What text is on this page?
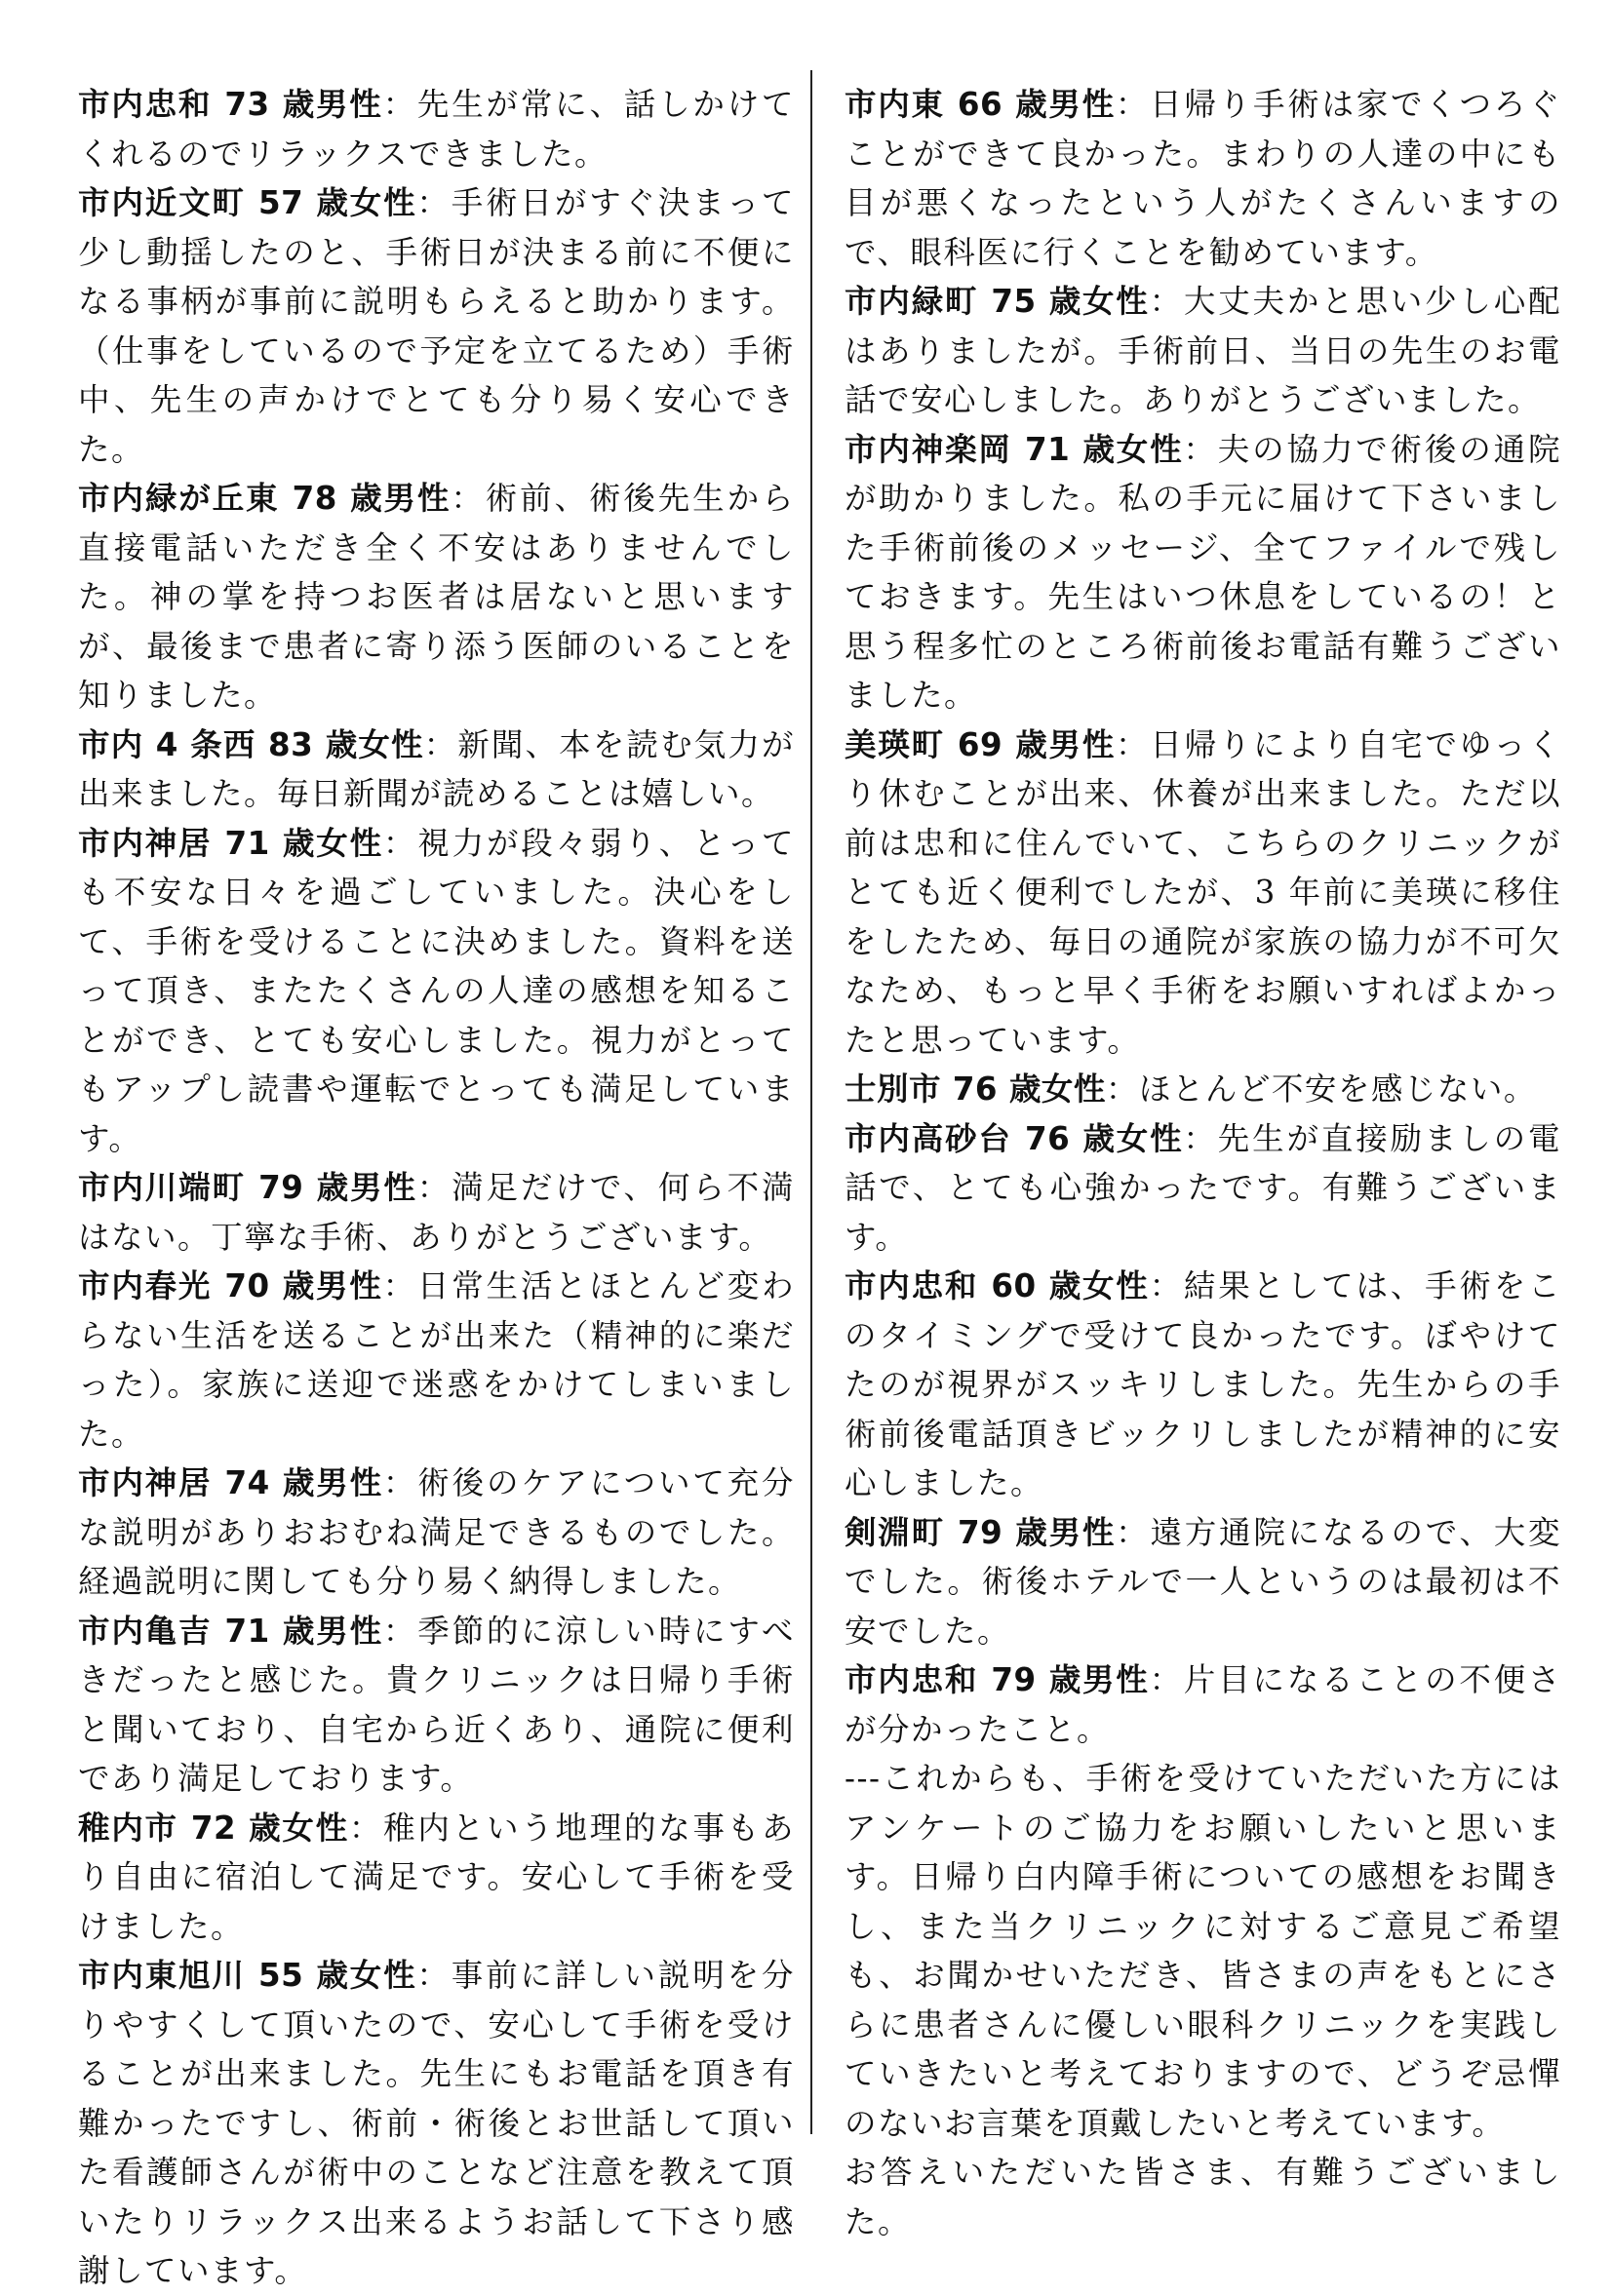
市内忠和 73 歳男性：先生が常に、話しかけてくれるのでリラックスできました。

市内近文町 57 歳女性：手術日がすぐ決まって少し動揺したのと、手術日が決まる前に不便になる事柄が事前に説明もらえると助かります。（仕事をしているので予定を立てるため）手術中、先生の声かけでとても分り易く安心できた。

市内緑が丘東 78 歳男性：術前、術後先生から直接電話いただき全く不安はありませんでした。神の掌を持つお医者は居ないと思いますが、最後まで患者に寄り添う医師のいることを知りました。

市内 4 条西 83 歳女性：新聞、本を読む気力が出来ました。毎日新聞が読めることは嬉しい。

市内神居 71 歳女性：視力が段々弱り、とっても不安な日々を過ごしていました。決心をして、手術を受けることに決めました。資料を送って頂き、またたくさんの人達の感想を知ることができ、とても安心しました。視力がとってもアップし読書や運転でとっても満足しています。

市内川端町 79 歳男性：満足だけで、何ら不満はない。丁寧な手術、ありがとうございます。

市内春光 70 歳男性：日常生活とほとんど変わらない生活を送ることが出来た（精神的に楽だった）。家族に送迎で迷惑をかけてしまいました。

市内神居 74 歳男性：術後のケアについて充分な説明がありおおむね満足できるものでした。経過説明に関しても分り易く納得しました。

市内亀吉 71 歳男性：季節的に涼しい時にすべきだったと感じた。貴クリニックは日帰り手術と聞いており、自宅から近くあり、通院に便利であり満足しております。

稚内市 72 歳女性：稚内という地理的な事もあり自由に宿泊して満足です。安心して手術を受けました。

市内東旭川 55 歳女性：事前に詳しい説明を分りやすくして頂いたので、安心して手術を受けることが出来ました。先生にもお電話を頂き有難かったですし、術前・術後とお世話して頂いた看護師さんが術中のことなど注意を教えて頂いたりリラックス出来るようお話して下さり感謝しています。

市内東 66 歳男性：日帰り手術は家でくつろぐことができて良かった。まわりの人達の中にも目が悪くなったという人がたくさんいますので、眼科医に行くことを勧めています。

市内緑町 75 歳女性：大丈夫かと思い少し心配はありましたが。手術前日、当日の先生のお電話で安心しました。ありがとうございました。

市内神楽岡 71 歳女性：夫の協力で術後の通院が助かりました。私の手元に届けて下さいました手術前後のメッセージ、全てファイルで残しておきます。先生はいつ休息をしているの！と思う程多忙のところ術前後お電話有難うございました。

美瑛町 69 歳男性：日帰りにより自宅でゆっくり休むことが出来、休養が出来ました。ただ以前は忠和に住んでいて、こちらのクリニックがとても近く便利でしたが、3 年前に美瑛に移住をしたため、毎日の通院が家族の協力が不可欠なため、もっと早く手術をお願いすればよかったと思っています。

士別市 76 歳女性：ほとんど不安を感じない。

市内高砂台 76 歳女性：先生が直接励ましの電話で、とても心強かったです。有難うございます。

市内忠和 60 歳女性：結果としては、手術をこのタイミングで受けて良かったです。ぼやけてたのが視界がスッキリしました。先生からの手術前後電話頂きビックリしましたが精神的に安心しました。

剣淵町 79 歳男性：遠方通院になるので、大変でした。術後ホテルで一人というのは最初は不安でした。

市内忠和 79 歳男性：片目になることの不便さが分かったこと。

---これからも、手術を受けていただいた方にはアンケートのご協力をお願いしたいと思います。日帰り白内障手術についての感想をお聞きし、また当クリニックに対するご意見ご希望も、お聞かせいただき、皆さまの声をもとにさらに患者さんに優しい眼科クリニックを実践していきたいと考えておりますので、どうぞ忌憚のないお言葉を頂戴したいと考えています。

お答えいただいた皆さま、有難うございました。
